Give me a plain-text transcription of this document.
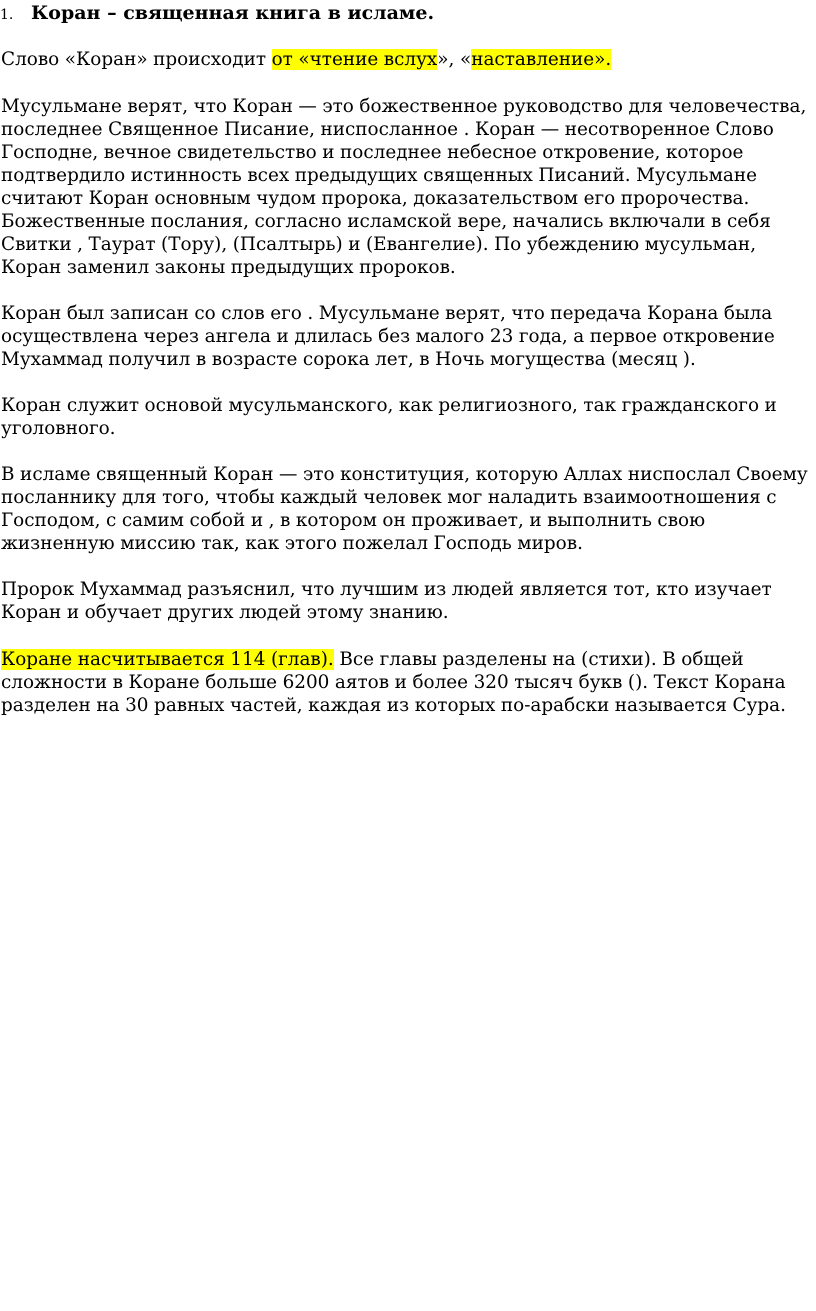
1. Коран – священная книга в исламе.

Слово «Коран» происходит от «чтение вслух», «наставление».

Мусульмане верят, что Коран — это божественное руководство для человечества, последнее Священное Писание, ниспосланное . Коран — несотворенное Слово Господне, вечное свидетельство и последнее небесное откровение, которое подтвердило истинность всех предыдущих священных Писаний. Мусульмане считают Коран основным чудом пророка, доказательством его пророчества. Божественные послания, согласно исламской вере, начались включали в себя Свитки , Таурат (Тору), (Псалтырь) и (Евангелие). По убеждению мусульман, Коран заменил законы предыдущих пророков.

Коран был записан со слов его . Мусульмане верят, что передача Корана была осуществлена через ангела и длилась без малого 23 года, а первое откровение Мухаммад получил в возрасте сорока лет, в Ночь могущества (месяц ).

Коран служит основой мусульманского, как религиозного, так гражданского и уголовного.

В исламе священный Коран — это конституция, которую Аллах ниспослал Своему посланнику для того, чтобы каждый человек мог наладить взаимоотношения с Господом, с самим собой и , в котором он проживает, и выполнить свою жизненную миссию так, как этого пожелал Господь миров.

Пророк Мухаммад разъяснил, что лучшим из людей является тот, кто изучает Коран и обучает других людей этому знанию.

Коране насчитывается 114 (глав). Все главы разделены на (стихи). В общей сложности в Коране больше 6200 аятов и более 320 тысяч букв (). Текст Корана разделен на 30 равных частей, каждая из которых по-арабски называется Сура.
